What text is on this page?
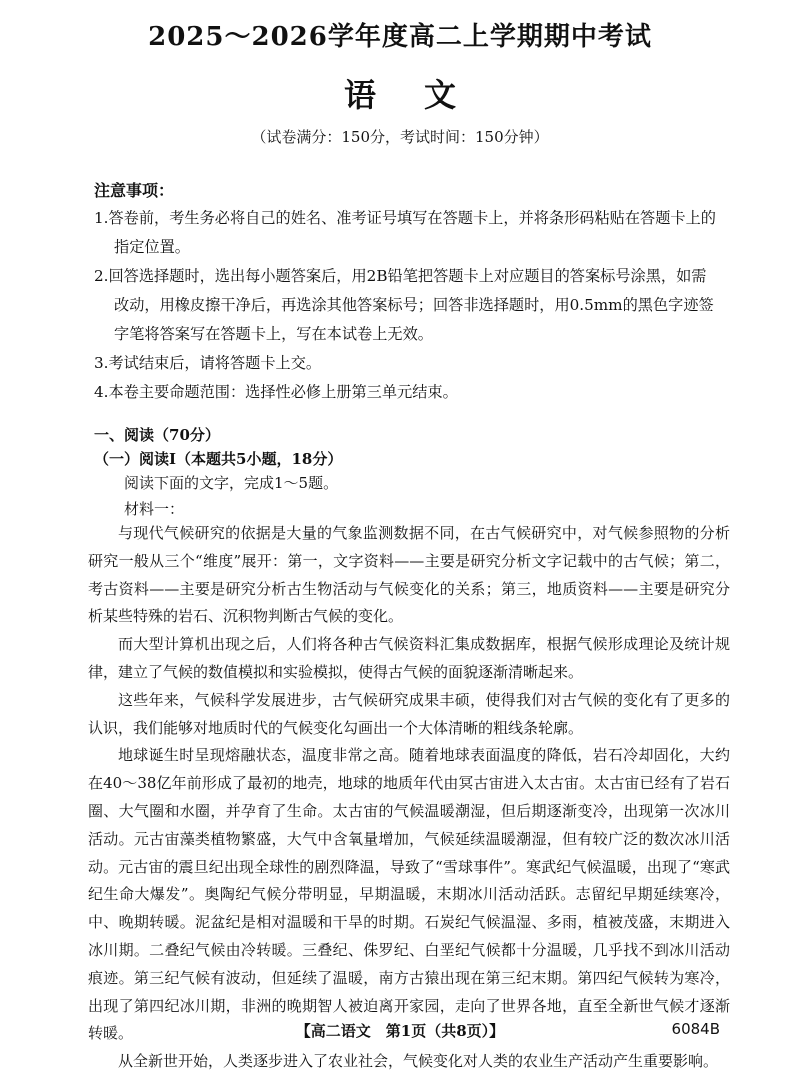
2025～2026学年度高二上学期期中考试
语文
（试卷满分：150分，考试时间：150分钟）
注意事项：
1.答卷前，考生务必将自己的姓名、准考证号填写在答题卡上，并将条形码粘贴在答题卡上的指定位置。
2.回答选择题时，选出每小题答案后，用2B铅笔把答题卡上对应题目的答案标号涂黑，如需改动，用橡皮擦干净后，再选涂其他答案标号；回答非选择题时，用0.5mm的黑色字迹签字笔将答案写在答题卡上，写在本试卷上无效。
3.考试结束后，请将答题卡上交。
4.本卷主要命题范围：选择性必修上册第三单元结束。
一、阅读（70分）
（一）阅读Ⅰ（本题共5小题，18分）
阅读下面的文字，完成1～5题。
材料一：

与现代气候研究的依据是大量的气象监测数据不同，在古气候研究中，对气候参照物的分析研究一般从三个“维度”展开：第一，文字资料——主要是研究分析文字记载中的古气候；第二，考古资料——主要是研究分析古生物活动与气候变化的关系；第三，地质资料——主要是研究分析某些特殊的岩石、沉积物判断古气候的变化。

而大型计算机出现之后，人们将各种古气候资料汇集成数据库，根据气候形成理论及统计规律，建立了气候的数值模拟和实验模拟，使得古气候的面貌逐渐清晰起来。

这些年来，气候科学发展进步，古气候研究成果丰硕，使得我们对古气候的变化有了更多的认识，我们能够对地质时代的气候变化勾画出一个大体清晰的粗线条轮廓。

地球诞生时呈现熔融状态，温度非常之高。随着地球表面温度的降低，岩石冷却固化，大约在40～38亿年前形成了最初的地壳，地球的地质年代由冥古宙进入太古宙。太古宙已经有了岩石圈、大气圈和水圈，并孕育了生命。太古宙的气候温暖潮湿，但后期逐渐变冷，出现第一次冰川活动。元古宙藻类植物繁盛，大气中含氧量增加，气候延续温暖潮湿，但有较广泛的数次冰川活动。元古宙的震旦纪出现全球性的剧烈降温，导致了“雪球事件”。寒武纪气候温暖，出现了“寒武纪生命大爆发”。奥陶纪气候分带明显，早期温暖，末期冰川活动活跃。志留纪早期延续寒冷，中、晚期转暖。泥盆纪是相对温暖和干旱的时期。石炭纪气候温湿、多雨，植被茂盛，末期进入冰川期。二叠纪气候由冷转暖。三叠纪、侏罗纪、白垩纪气候都十分温暖，几乎找不到冰川活动痕迹。第三纪气候有波动，但延续了温暖，南方古猿出现在第三纪末期。第四纪气候转为寒冷，出现了第四纪冰川期，非洲的晚期智人被迫离开家园，走向了世界各地，直至全新世气候才逐渐转暖。

从全新世开始，人类逐步进入了农业社会，气候变化对人类的农业生产活动产生重要影响。

【高二语文　第1页（共8页）】	6084B
